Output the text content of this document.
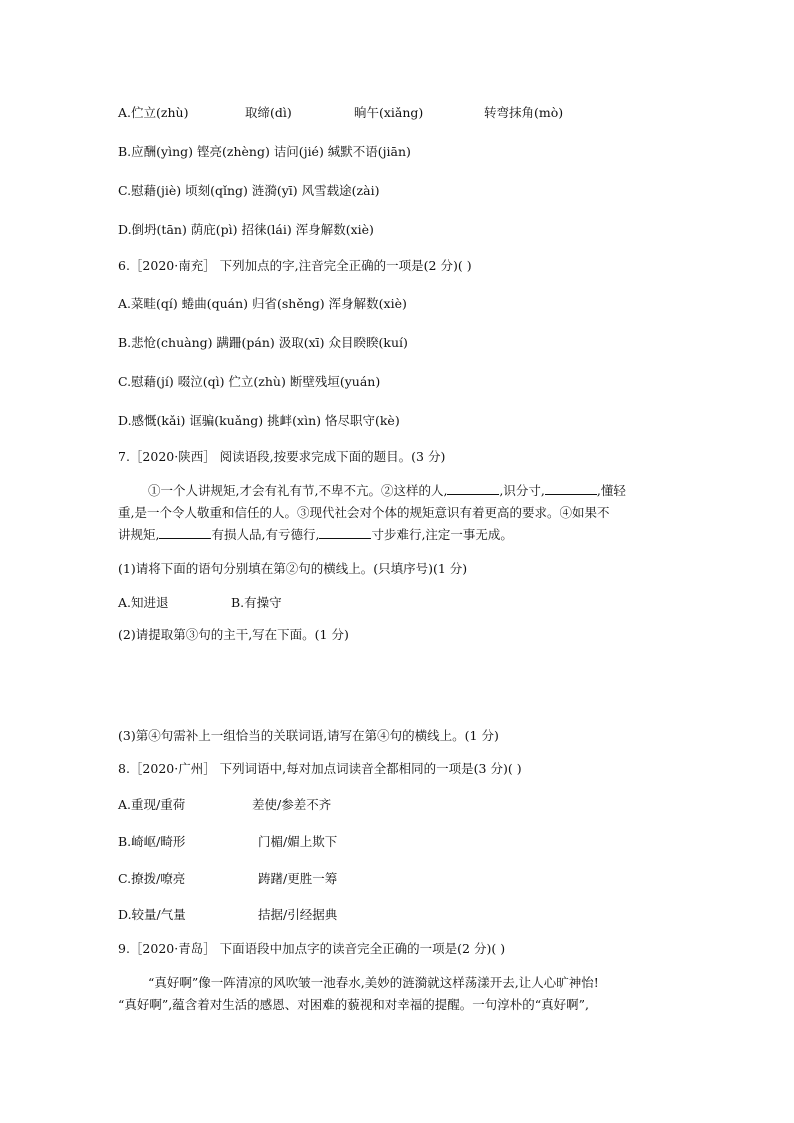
A.伫立(zhù)	取缔(dì)	晌午(xiǎng)	转弯抹角(mò)
B.应酬(yìng) 铿亮(zhèng) 诘问(jié) 缄默不语(jiān)
C.慰藉(jiè) 顷刻(qǐng) 涟漪(yī) 风雪载途(zài)
D.倒坍(tān) 荫庇(pì) 招徕(lái) 浑身解数(xiè)
6.［2020·南充］ 下列加点的字,注音完全正确的一项是(2 分)( )
A.菜畦(qí) 蜷曲(quán) 归省(shěng) 浑身解数(xiè)
B.悲怆(chuàng) 蹒跚(pán) 汲取(xī) 众目睽睽(kuí)
C.慰藉(jí) 啜泣(qì) 伫立(zhù) 断壁残垣(yuán)
D.感慨(kǎi) 诓骗(kuǎng) 挑衅(xìn) 恪尽职守(kè)
7.［2020·陕西］ 阅读语段,按要求完成下面的题目。(3 分)

①一个人讲规矩,才会有礼有节,不卑不亢。②这样的人,	,识分寸,	,懂轻

重,是一个令人敬重和信任的人。③现代社会对个体的规矩意识有着更高的要求。④如果不

讲规矩,	有损人品,有亏德行,	寸步难行,注定一事无成。

(1)请将下面的语句分别填在第②句的横线上。(只填序号)(1 分)
A.知进退	B.有操守
(2)请提取第③句的主干,写在下面。(1 分)
(3)第④句需补上一组恰当的关联词语,请写在第④句的横线上。(1 分)
8.［2020·广州］ 下列词语中,每对加点词读音全都相同的一项是(3 分)( )
A.重现/重荷	差使/参差不齐
B.崎岖/畸形	门楣/媚上欺下
C.撩拨/嘹亮	踌躇/更胜一筹
D.较量/气量	拮据/引经据典
9.［2020·青岛］ 下面语段中加点字的读音完全正确的一项是(2 分)( )

“真好啊”像一阵清凉的风吹皱一池春水,美妙的涟漪就这样荡漾开去,让人心旷神怡!

“真好啊”,蕴含着对生活的感恩、对困难的藐视和对幸福的提醒。一句淳朴的“真好啊”,
